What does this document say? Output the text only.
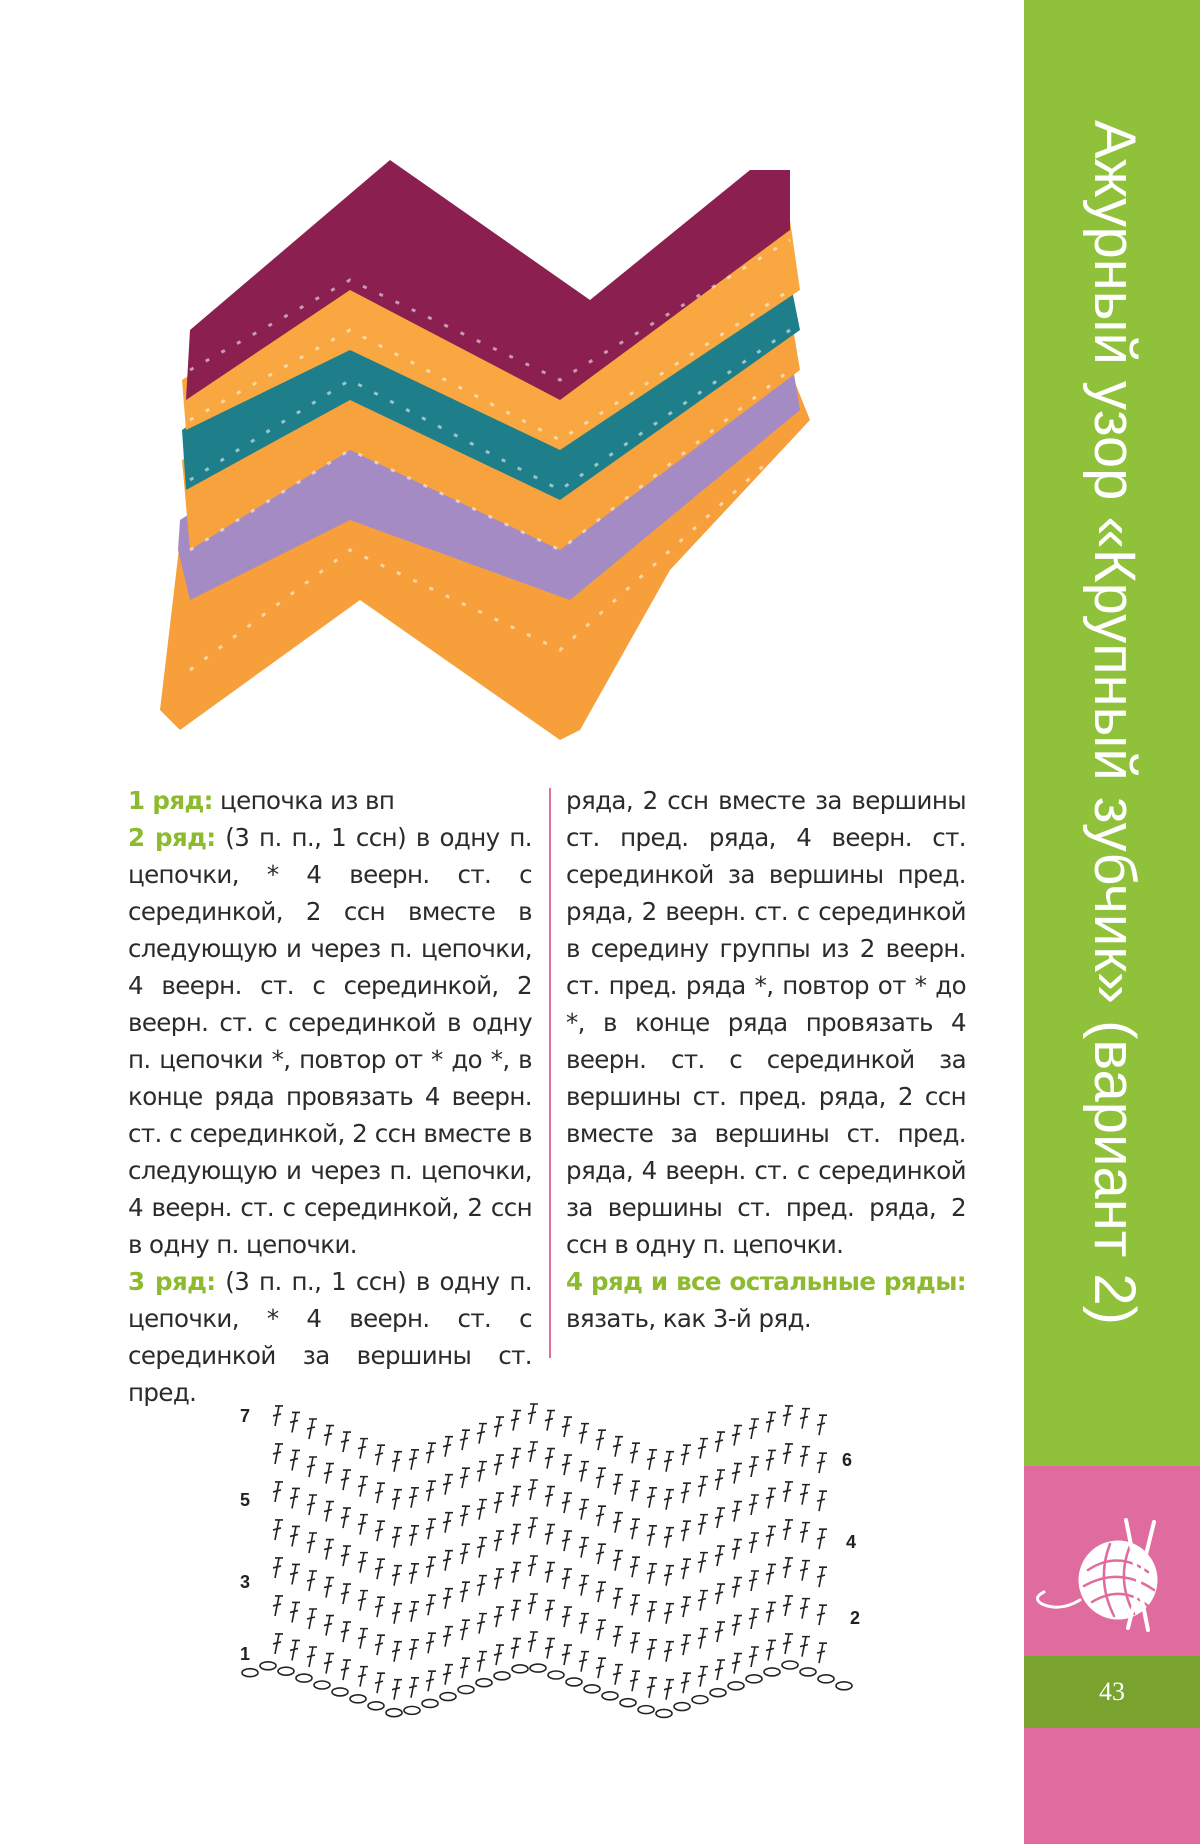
Ажурный узор «Крупный зубчик» (вариант 2)
43
1 ряд: цепочка из вп
2 ряд: (3 п. п., 1 ссн) в одну п. цепочки, * 4 веерн. ст. с серединкой, 2 ссн вместе в следующую и через п. цепочки, 4 веерн. ст. с серединкой, 2 веерн. ст. с серединкой в одну п. цепочки *, повтор от * до *, в конце ряда провязать 4 веерн. ст. с серединкой, 2 ссн вместе в следующую и через п. цепочки, 4 веерн. ст. с серединкой, 2 ссн в одну п. цепочки.
3 ряд: (3 п. п., 1 ссн) в одну п. цепочки, * 4 веерн. ст. с серединкой за вершины ст. пред.
ряда, 2 ссн вместе за вершины ст. пред. ряда, 4 веерн. ст. серединкой за вершины пред. ряда, 2 веерн. ст. с серединкой в середину группы из 2 веерн. ст. пред. ряда *, повтор от * до *, в конце ряда провязать 4 веерн. ст. с серединкой за вершины ст. пред. ряда, 2 ссн вместе за вершины ст. пред. ряда, 4 веерн. ст. с серединкой за вершины ст. пред. ряда, 2 ссн в одну п. цепочки.
4 ряд и все остальные ряды: вязать, как 3-й ряд.
7
5
3
1
6
4
2
